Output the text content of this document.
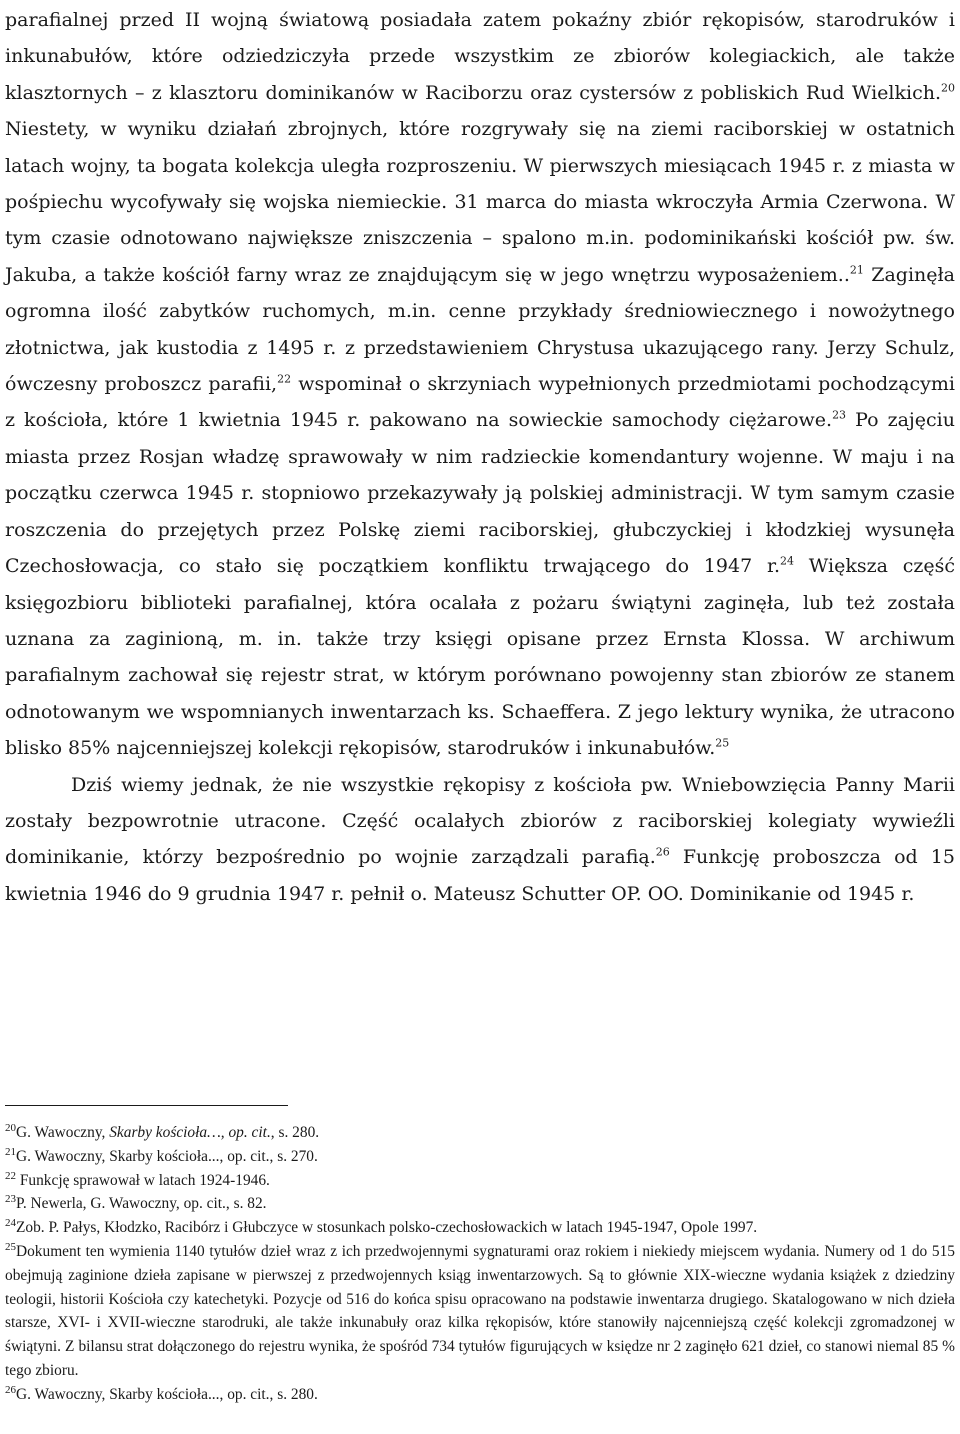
parafialnej przed II wojną światową posiadała zatem pokaźny zbiór rękopisów, starodruków i inkunabułów, które odziedziczyła przede wszystkim ze zbiorów kolegiackich, ale także klasztornych – z klasztoru dominikanów w Raciborzu oraz cystersów z pobliskich Rud Wielkich.$^{20}$ Niestety, w wyniku działań zbrojnych, które rozgrywały się na ziemi raciborskiej w ostatnich latach wojny, ta bogata kolekcja uległa rozproszeniu. W pierwszych miesiącach 1945 r. z miasta w pośpiechu wycofywały się wojska niemieckie. 31 marca do miasta wkroczyła Armia Czerwona. W tym czasie odnotowano największe zniszczenia – spalono m.in. podominikański kościół pw. św. Jakuba, a także kościół farny wraz ze znajdującym się w jego wnętrzu wyposażeniem..$^{21}$ Zaginęła ogromna ilość zabytków ruchomych, m.in. cenne przykłady średniowiecznego i nowożytnego złotnictwa, jak kustodia z 1495 r. z przedstawieniem Chrystusa ukazującego rany. Jerzy Schulz, ówczesny proboszcz parafii,$^{22}$ wspominał o skrzyniach wypełnionych przedmiotami pochodzącymi z kościoła, które 1 kwietnia 1945 r. pakowano na sowieckie samochody ciężarowe.$^{23}$ Po zajęciu miasta przez Rosjan władzę sprawowały w nim radzieckie komendantury wojenne. W maju i na początku czerwca 1945 r. stopniowo przekazywały ją polskiej administracji. W tym samym czasie roszczenia do przejętych przez Polskę ziemi raciborskiej, głubczyckiej i kłodzkiej wysunęła Czechosłowacja, co stało się początkiem konfliktu trwającego do 1947 r.$^{24}$ Większa część księgozbioru biblioteki parafialnej, która ocalała z pożaru świątyni zaginęła, lub też została uznana za zaginioną, m. in. także trzy księgi opisane przez Ernsta Klossa. W archiwum parafialnym zachował się rejestr strat, w którym porównano powojenny stan zbiorów ze stanem odnotowanym we wspomnianych inwentarzach ks. Schaeffera. Z jego lektury wynika, że utracono blisko 85% najcenniejszej kolekcji rękopisów, starodruków i inkunabułów.$^{25}$

Dziś wiemy jednak, że nie wszystkie rękopisy z kościoła pw. Wniebowzięcia Panny Marii zostały bezpowrotnie utracone. Część ocalałych zbiorów z raciborskiej kolegiaty wywieźli dominikanie, którzy bezpośrednio po wojnie zarządzali parafią.$^{26}$ Funkcję proboszcza od 15 kwietnia 1946 do 9 grudnia 1947 r. pełnił o. Mateusz Schutter OP. OO. Dominikanie od 1945 r.

$^{20}$G. Wawoczny, Skarby kościoła…, op. cit., s. 280.

$^{21}$G. Wawoczny, Skarby kościoła..., op. cit., s. 270.

$^{22}$ Funkcję sprawował w latach 1924-1946.

$^{23}$P. Newerla, G. Wawoczny, op. cit., s. 82.

$^{24}$Zob. P. Pałys, Kłodzko, Racibórz i Głubczyce w stosunkach polsko-czechosłowackich w latach 1945-1947, Opole 1997.

$^{25}$Dokument ten wymienia 1140 tytułów dzieł wraz z ich przedwojennymi sygnaturami oraz rokiem i niekiedy miejscem wydania. Numery od 1 do 515 obejmują zaginione dzieła zapisane w pierwszej z przedwojennych ksiąg inwentarzowych. Są to głównie XIX-wieczne wydania książek z dziedziny teologii, historii Kościoła czy katechetyki. Pozycje od 516 do końca spisu opracowano na podstawie inwentarza drugiego. Skatalogowano w nich dzieła starsze, XVI- i XVII-wieczne starodruki, ale także inkunabuły oraz kilka rękopisów, które stanowiły najcenniejszą część kolekcji zgromadzonej w świątyni. Z bilansu strat dołączonego do rejestru wynika, że spośród 734 tytułów figurujących w księdze nr 2 zaginęło 621 dzieł, co stanowi niemal 85 % tego zbioru.

$^{26}$G. Wawoczny, Skarby kościoła..., op. cit., s. 280.
